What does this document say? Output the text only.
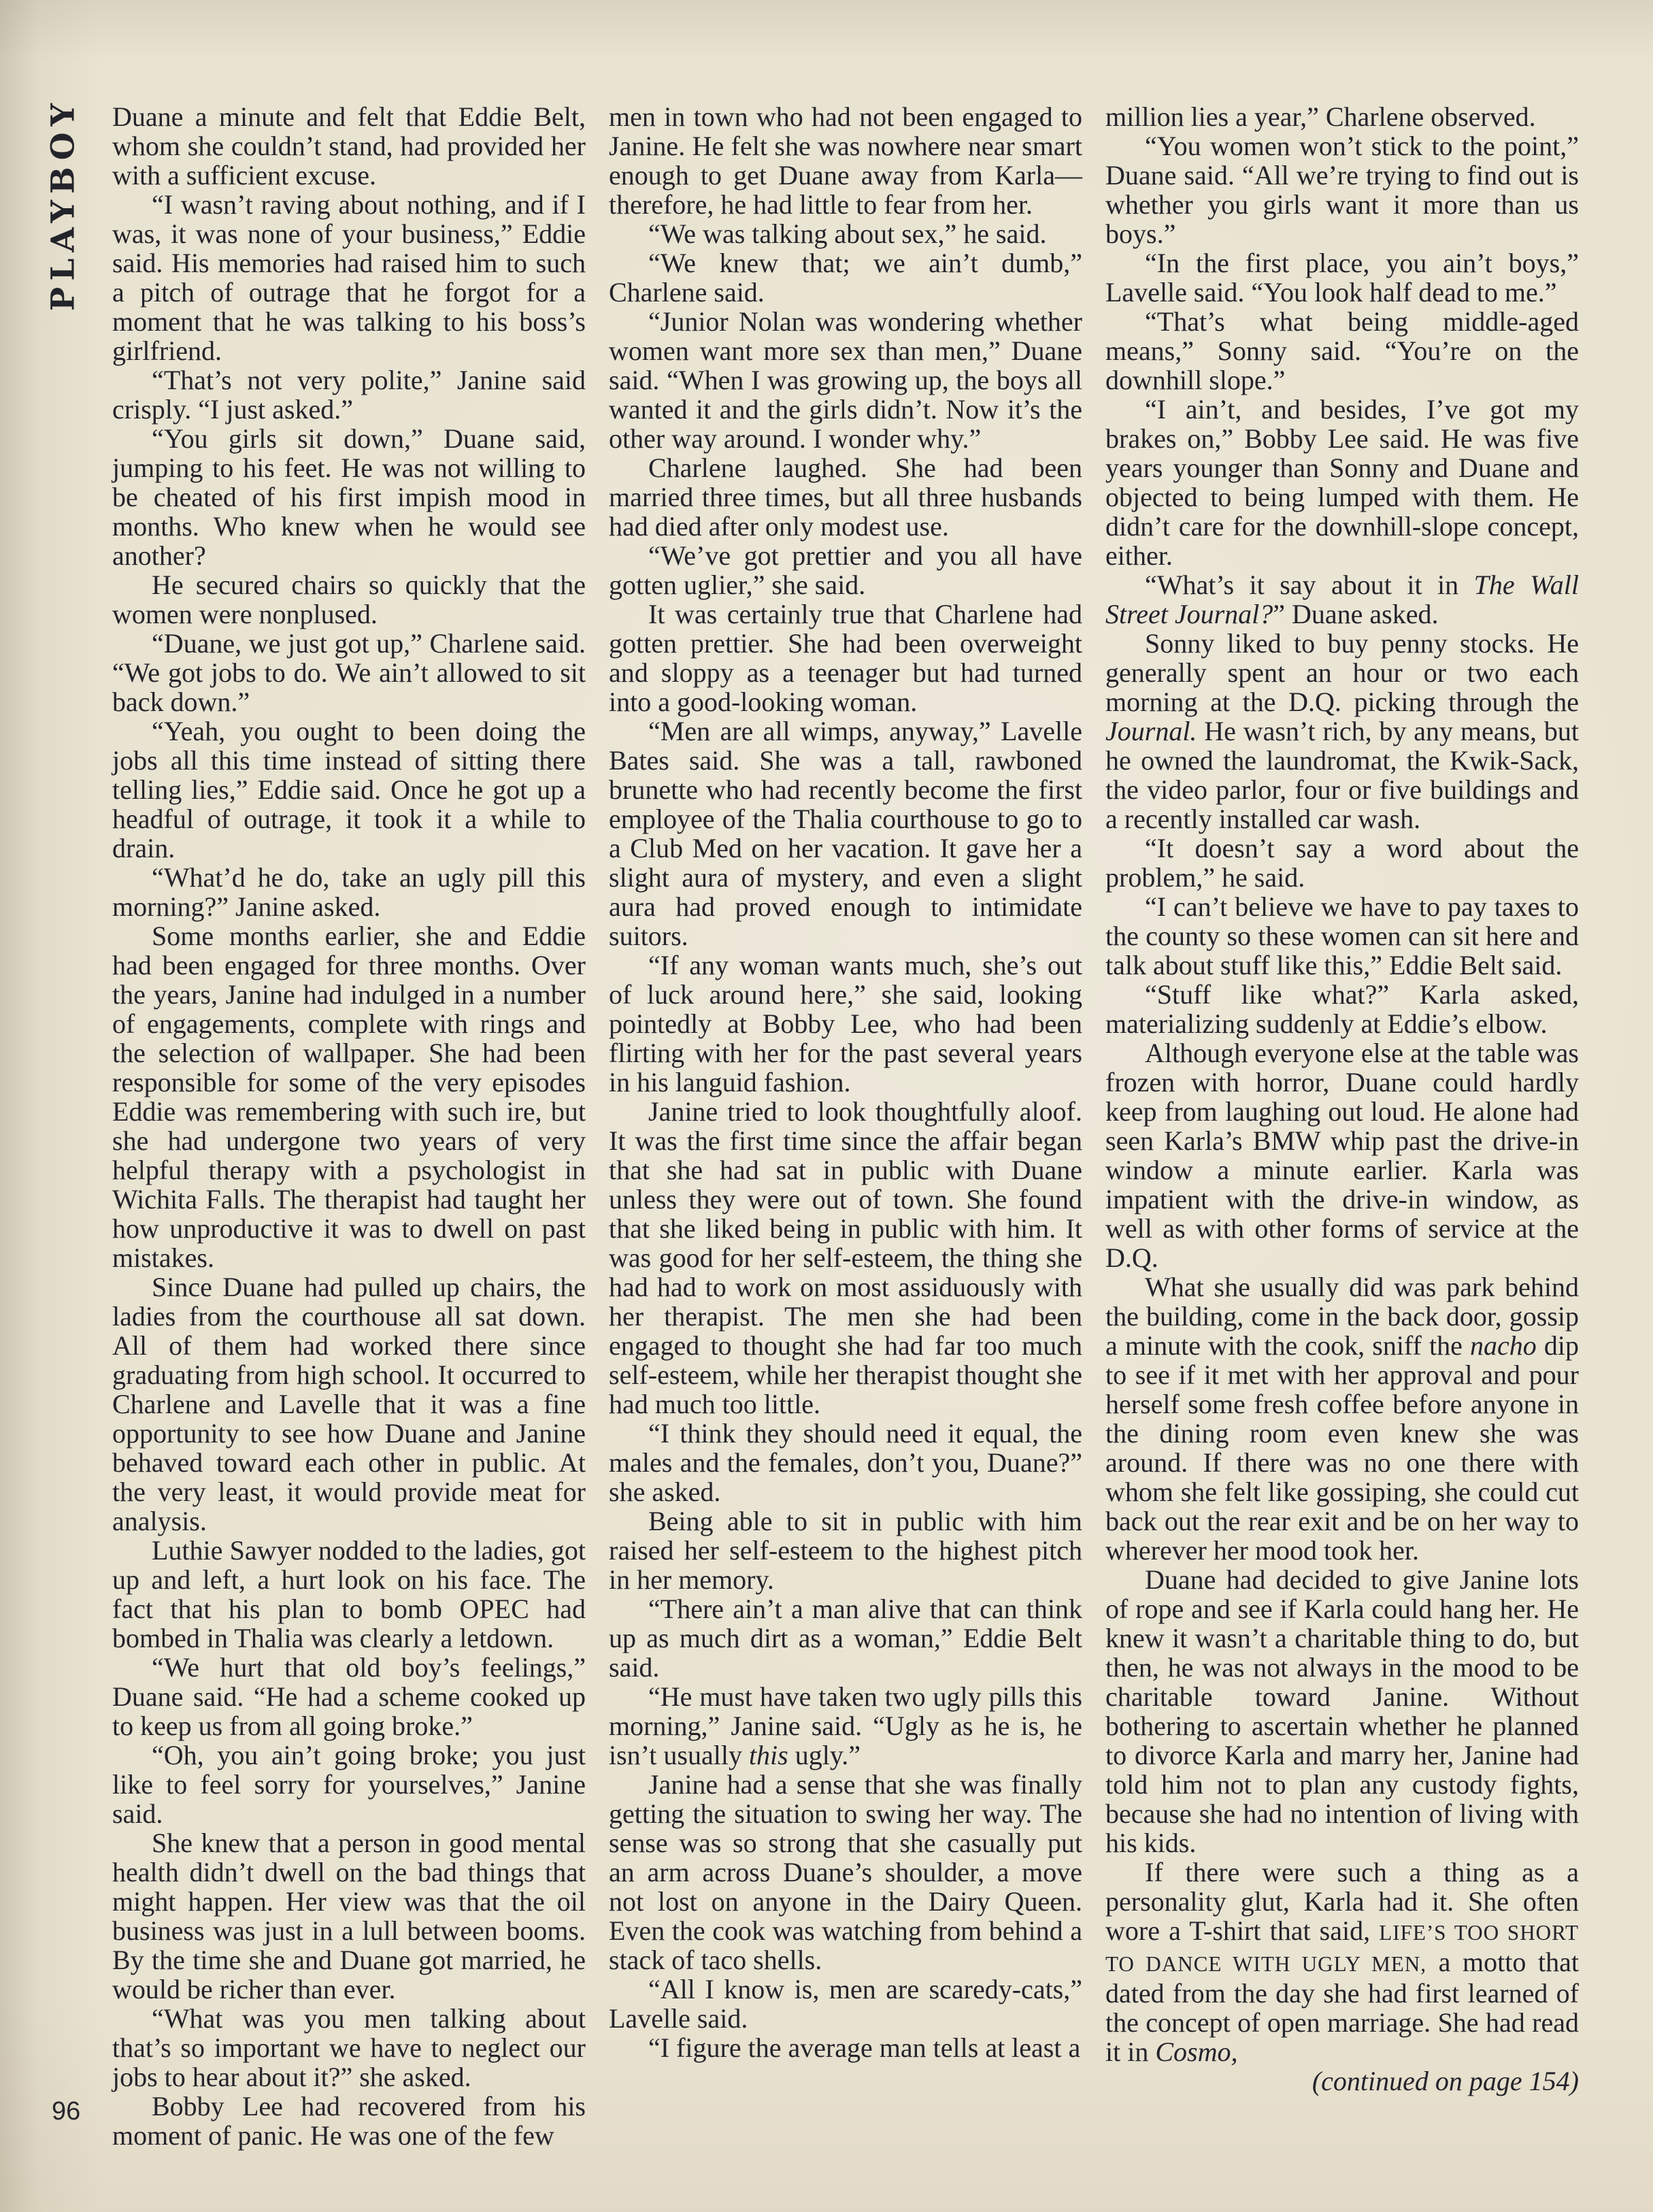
PLAYBOY Duane a minute and felt that Eddie Belt, whom she couldn’t stand, had provided her with a sufficient excuse.

“I wasn’t raving about nothing, and if I was, it was none of your business,” Eddie said. His memories had raised him to such a pitch of outrage that he forgot for a moment that he was talking to his boss’s girlfriend.

“That’s not very polite,” Janine said crisply. “I just asked.”

“You girls sit down,” Duane said, jumping to his feet. He was not willing to be cheated of his first impish mood in months. Who knew when he would see another?

He secured chairs so quickly that the women were nonplused.

“Duane, we just got up,” Charlene said. “We got jobs to do. We ain’t allowed to sit back down.”

“Yeah, you ought to been doing the jobs all this time instead of sitting there telling lies,” Eddie said. Once he got up a headful of outrage, it took it a while to drain.

“What’d he do, take an ugly pill this morning?” Janine asked.

Some months earlier, she and Eddie had been engaged for three months. Over the years, Janine had indulged in a number of engagements, complete with rings and the selection of wallpaper. She had been responsible for some of the very episodes Eddie was remembering with such ire, but she had undergone two years of very helpful therapy with a psychologist in Wichita Falls. The therapist had taught her how unproductive it was to dwell on past mistakes.

Since Duane had pulled up chairs, the ladies from the courthouse all sat down. All of them had worked there since graduating from high school. It occurred to Charlene and Lavelle that it was a fine opportunity to see how Duane and Janine behaved toward each other in public. At the very least, it would provide meat for analysis.

Luthie Sawyer nodded to the ladies, got up and left, a hurt look on his face. The fact that his plan to bomb OPEC had bombed in Thalia was clearly a letdown.

“We hurt that old boy’s feelings,” Duane said. “He had a scheme cooked up to keep us from all going broke.”

“Oh, you ain’t going broke; you just like to feel sorry for yourselves,” Janine said.

She knew that a person in good mental health didn’t dwell on the bad things that might happen. Her view was that the oil business was just in a lull between booms. By the time she and Duane got married, he would be richer than ever.

“What was you men talking about that’s so important we have to neglect our jobs to hear about it?” she asked.

Bobby Lee had recovered from his moment of panic. He was one of the few

men in town who had not been engaged to Janine. He felt she was nowhere near smart enough to get Duane away from Karla—therefore, he had little to fear from her.

“We was talking about sex,” he said.

“We knew that; we ain’t dumb,” Charlene said.

“Junior Nolan was wondering whether women want more sex than men,” Duane said. “When I was growing up, the boys all wanted it and the girls didn’t. Now it’s the other way around. I wonder why.”

Charlene laughed. She had been married three times, but all three husbands had died after only modest use.

“We’ve got prettier and you all have gotten uglier,” she said.

It was certainly true that Charlene had gotten prettier. She had been overweight and sloppy as a teenager but had turned into a good-looking woman.

“Men are all wimps, anyway,” Lavelle Bates said. She was a tall, rawboned brunette who had recently become the first employee of the Thalia courthouse to go to a Club Med on her vacation. It gave her a slight aura of mystery, and even a slight aura had proved enough to intimidate suitors.

“If any woman wants much, she’s out of luck around here,” she said, looking pointedly at Bobby Lee, who had been flirting with her for the past several years in his languid fashion.

Janine tried to look thoughtfully aloof. It was the first time since the affair began that she had sat in public with Duane unless they were out of town. She found that she liked being in public with him. It was good for her self-esteem, the thing she had had to work on most assiduously with her therapist. The men she had been engaged to thought she had far too much self-esteem, while her therapist thought she had much too little.

“I think they should need it equal, the males and the females, don’t you, Duane?” she asked.

Being able to sit in public with him raised her self-esteem to the highest pitch in her memory.

“There ain’t a man alive that can think up as much dirt as a woman,” Eddie Belt said.

“He must have taken two ugly pills this morning,” Janine said. “Ugly as he is, he isn’t usually this ugly.”

Janine had a sense that she was finally getting the situation to swing her way. The sense was so strong that she casually put an arm across Duane’s shoulder, a move not lost on anyone in the Dairy Queen. Even the cook was watching from behind a stack of taco shells.

“All I know is, men are scaredy-cats,” Lavelle said.

“I figure the average man tells at least a

million lies a year,” Charlene observed.

“You women won’t stick to the point,” Duane said. “All we’re trying to find out is whether you girls want it more than us boys.”

“In the first place, you ain’t boys,” Lavelle said. “You look half dead to me.”

“That’s what being middle-aged means,” Sonny said. “You’re on the downhill slope.”

“I ain’t, and besides, I’ve got my brakes on,” Bobby Lee said. He was five years younger than Sonny and Duane and objected to being lumped with them. He didn’t care for the downhill-slope concept, either.

“What’s it say about it in The Wall Street Journal?” Duane asked.

Sonny liked to buy penny stocks. He generally spent an hour or two each morning at the D.Q. picking through the Journal. He wasn’t rich, by any means, but he owned the laundromat, the Kwik-Sack, the video parlor, four or five buildings and a recently installed car wash.

“It doesn’t say a word about the problem,” he said.

“I can’t believe we have to pay taxes to the county so these women can sit here and talk about stuff like this,” Eddie Belt said.

“Stuff like what?” Karla asked, materializing suddenly at Eddie’s elbow.

Although everyone else at the table was frozen with horror, Duane could hardly keep from laughing out loud. He alone had seen Karla’s BMW whip past the drive-in window a minute earlier. Karla was impatient with the drive-in window, as well as with other forms of service at the D.Q.

What she usually did was park behind the building, come in the back door, gossip a minute with the cook, sniff the nacho dip to see if it met with her approval and pour herself some fresh coffee before anyone in the dining room even knew she was around. If there was no one there with whom she felt like gossiping, she could cut back out the rear exit and be on her way to wherever her mood took her.

Duane had decided to give Janine lots of rope and see if Karla could hang her. He knew it wasn’t a charitable thing to do, but then, he was not always in the mood to be charitable toward Janine. Without bothering to ascertain whether he planned to divorce Karla and marry her, Janine had told him not to plan any custody fights, because she had no intention of living with his kids.

If there were such a thing as a personality glut, Karla had it. She often wore a T-shirt that said, LIFE’S TOO SHORT TO DANCE WITH UGLY MEN, a motto that dated from the day she had first learned of the concept of open marriage. She had read it in Cosmo,

(continued on page 154)

96
